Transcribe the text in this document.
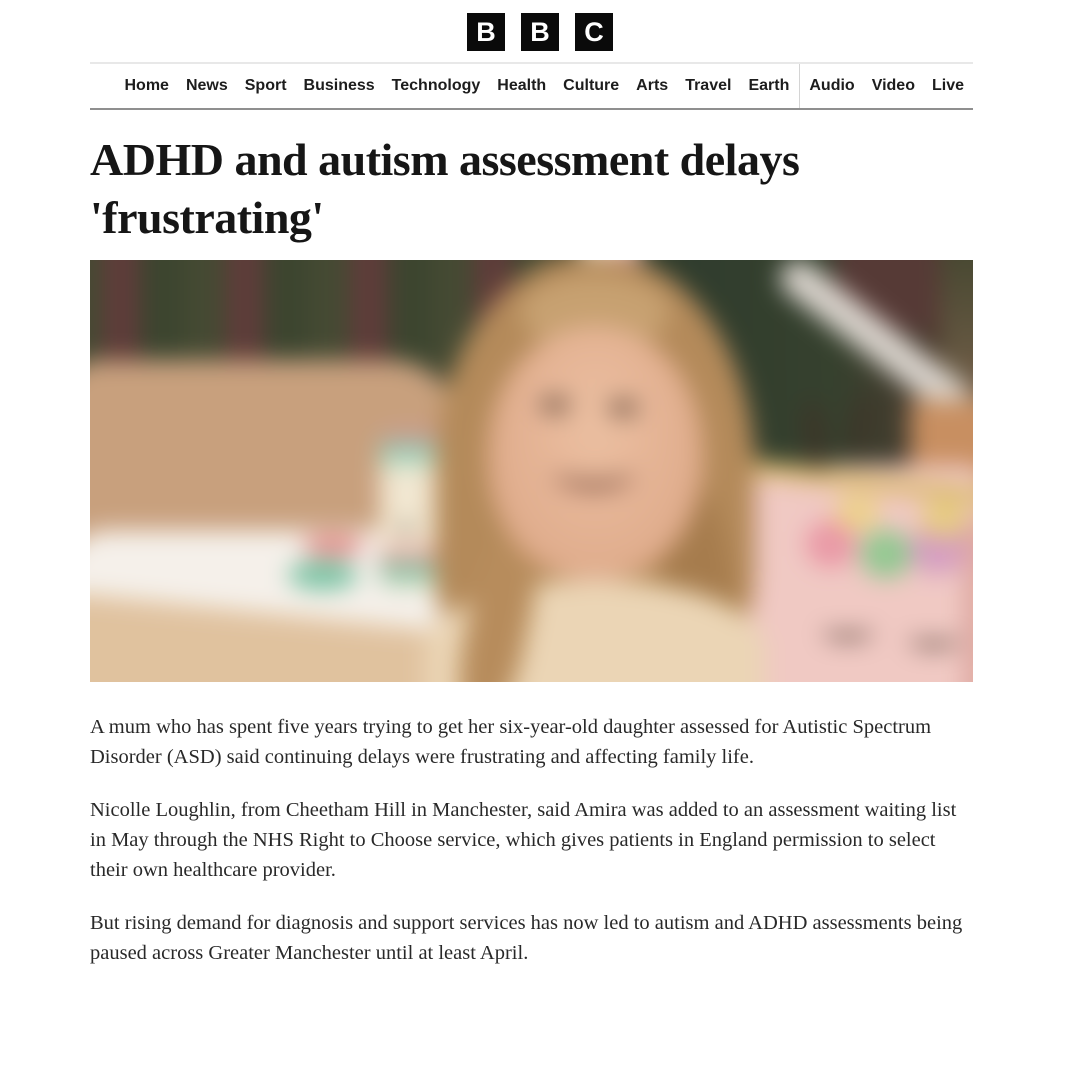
B	B	C
Home	News	Sport	Business	Technology	Health	Culture	Arts	Travel	Earth	Audio	Video	Live
ADHD and autism assessment delays 'frustrating'

A mum who has spent five years trying to get her six-year-old daughter assessed for Autistic Spectrum Disorder (ASD) said continuing delays were frustrating and affecting family life.

Nicolle Loughlin, from Cheetham Hill in Manchester, said Amira was added to an assessment waiting list in May through the NHS Right to Choose service, which gives patients in England permission to select their own healthcare provider.

But rising demand for diagnosis and support services has now led to autism and ADHD assessments being paused across Greater Manchester until at least April.
